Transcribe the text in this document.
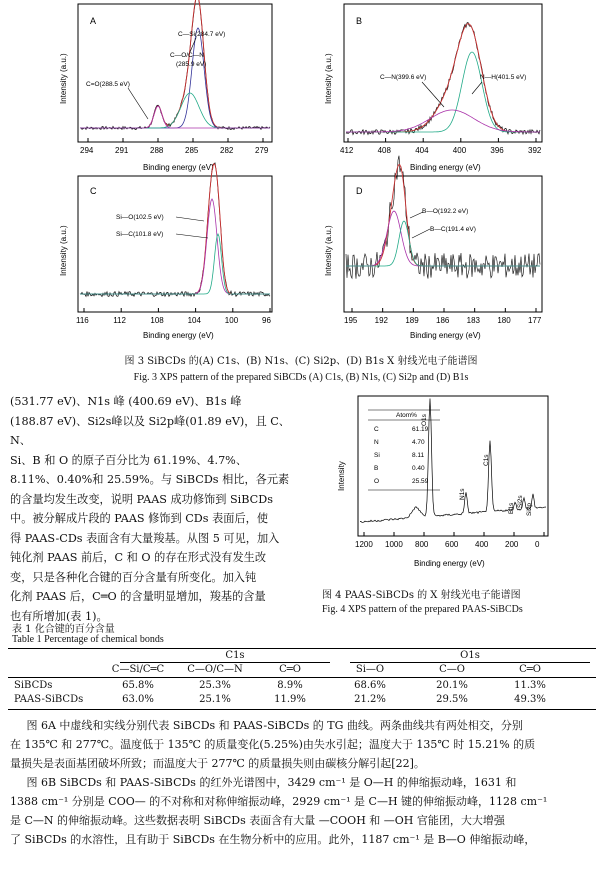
A
Intensity (a.u.)
Binding energy (eV)
294	291	288	285	282	279
C—Si(284.7 eV)
C—O/C—N
(285.9 eV)
C=O(288.5 eV)
B
Intensity (a.u.)
Binding energy (eV)
412	408	404	400	396	392
C—N(399.6 eV)	N—H(401.5 eV)
C
Intensity (a.u.)
Binding energy (eV)
116	112	108	104	100	96
Si—O(102.5 eV)
Si—C(101.8 eV)
D
Intensity (a.u.)
Binding energy (eV)
195 192 189 186 183 180 177
B—O(192.2 eV)
B—C(191.4 eV)
图 3 SiBCDs 的(A) C1s、(B) N1s、(C) Si2p、(D) B1s X 射线光电子能谱图
Fig. 3 XPS pattern of the prepared SiBCDs (A) C1s, (B) N1s, (C) Si2p and (D) B1s
(531.77 eV)、N1s 峰 (400.69 eV)、B1s 峰
(188.87 eV)、Si2s峰以及 Si2p峰(01.89 eV)，且 C、N、
Si、B 和 O 的原子百分比为 61.19%、4.7%、
8.11%、0.40%和 25.59%。与 SiBCDs 相比，各元素
的含量均发生改变，说明 PAAS 成功修饰到 SiBCDs
中。被分解成片段的 PAAS 修饰到 CDs 表面后，使
得 PAAS-CDs 表面含有大量羧基。从图 5 可见，加入
钝化剂 PAAS 前后，C 和 O 的存在形式没有发生改
变，只是各种化合键的百分含量有所变化。加入钝
化剂 PAAS 后，C═O 的含量明显增加，羧基的含量
也有所增加(表 1)。
Intensity
Binding energy (eV)
1200 1000 800 600 400 200 0
Atom%
C	61.19
N	4.70
Si	8.11
B	0.40
O	25.59
O1s
N1s
C1s
B1s
Si2s
Si2p
图 4 PAAS-SiBCDs 的 X 射线光电子能谱图
Fig. 4 XPS pattern of the prepared PAAS-SiBCDs
表 1 化合键的百分含量
Table 1 Percentage of chemical bonds
C1s	O1s
C—Si/C═C	C—O/C—N	C═O	Si—O	C—O	C═O
SiBCDs	65.8%	25.3%	8.9%	68.6%	20.1%	11.3%
PAAS-SiBCDs	63.0%	25.1%	11.9%	21.2%	29.5%	49.3%
图 6A 中虚线和实线分别代表 SiBCDs 和 PAAS-SiBCDs 的 TG 曲线。两条曲线共有两处相交，分别
在 135℃ 和 277℃。温度低于 135℃ 的质量变化(5.25%)由失水引起；温度大于 135℃ 时 15.21% 的质
量损失是表面基团破坏所致；而温度大于 277℃ 的质量损失则由碳核分解引起[22]。
图 6B SiBCDs 和 PAAS-SiBCDs 的红外光谱图中，3429 cm⁻¹ 是 O—H 的伸缩振动峰，1631 和
1388 cm⁻¹ 分别是 COO— 的不对称和对称伸缩振动峰，2929 cm⁻¹ 是 C—H 键的伸缩振动峰，1128 cm⁻¹
是 C—N 的伸缩振动峰。这些数据表明 SiBCDs 表面含有大量 —COOH 和 —OH 官能团，大大增强
了 SiBCDs 的水溶性，且有助于 SiBCDs 在生物分析中的应用。此外，1187 cm⁻¹ 是 B—O 伸缩振动峰，
